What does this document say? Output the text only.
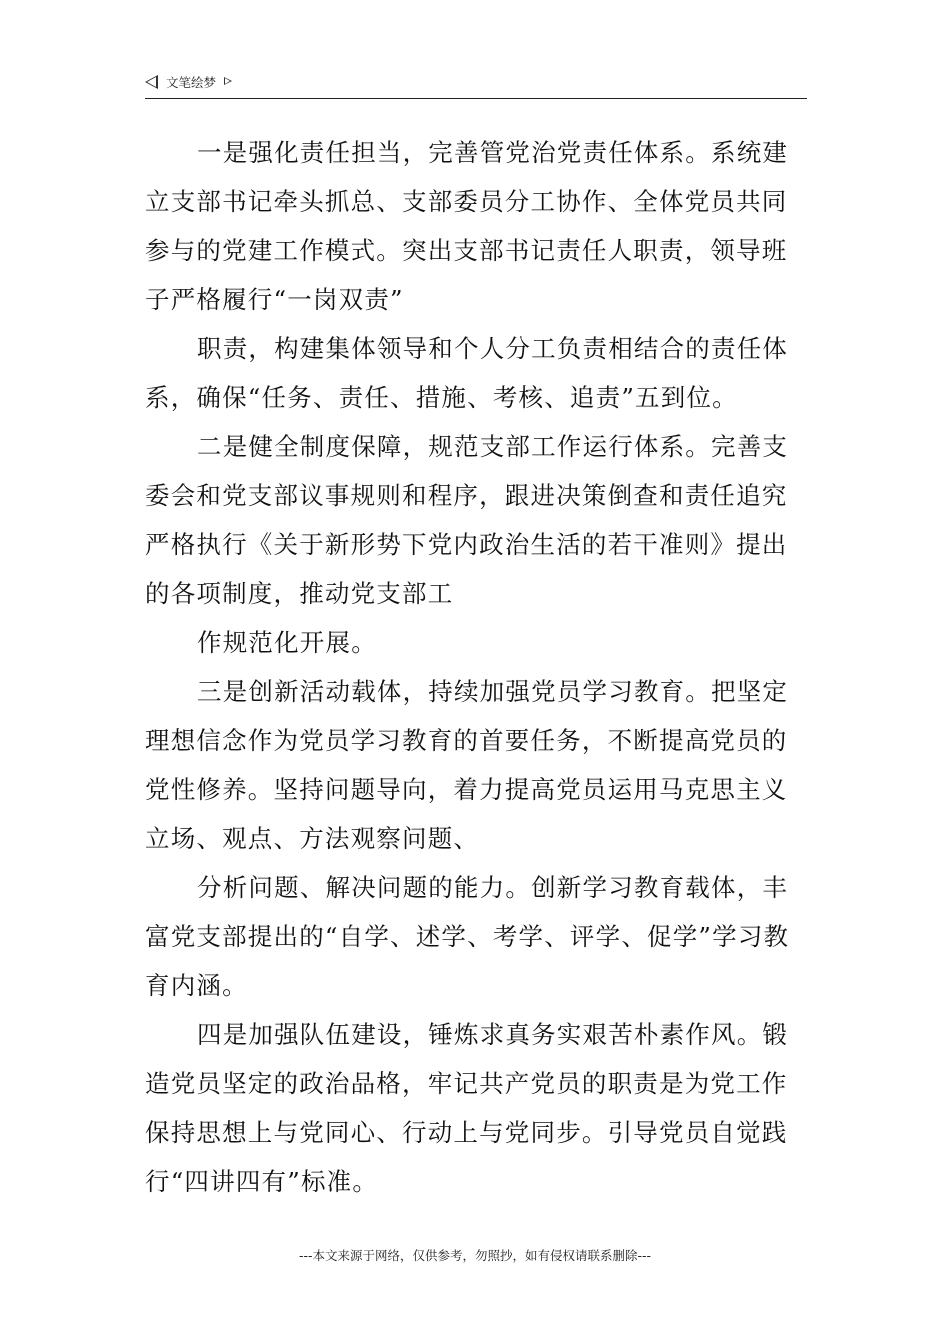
文笔绘梦

一是强化责任担当，完善管党治党责任体系。系统建立支部书记牵头抓总、支部委员分工协作、全体党员共同参与的党建工作模式。突出支部书记责任人职责，领导班子严格履行“一岗双责”

职责，构建集体领导和个人分工负责相结合的责任体系，确保“任务、责任、措施、考核、追责”五到位。

二是健全制度保障，规范支部工作运行体系。完善支委会和党支部议事规则和程序，跟进决策倒查和责任追究严格执行《关于新形势下党内政治生活的若干准则》提出的各项制度，推动党支部工

作规范化开展。

三是创新活动载体，持续加强党员学习教育。把坚定理想信念作为党员学习教育的首要任务，不断提高党员的党性修养。坚持问题导向，着力提高党员运用马克思主义立场、观点、方法观察问题、

分析问题、解决问题的能力。创新学习教育载体，丰富党支部提出的“自学、述学、考学、评学、促学”学习教育内涵。

四是加强队伍建设，锤炼求真务实艰苦朴素作风。锻造党员坚定的政治品格，牢记共产党员的职责是为党工作保持思想上与党同心、行动上与党同步。引导党员自觉践行“四讲四有”标准。

---本文来源于网络，仅供参考，勿照抄，如有侵权请联系删除---
